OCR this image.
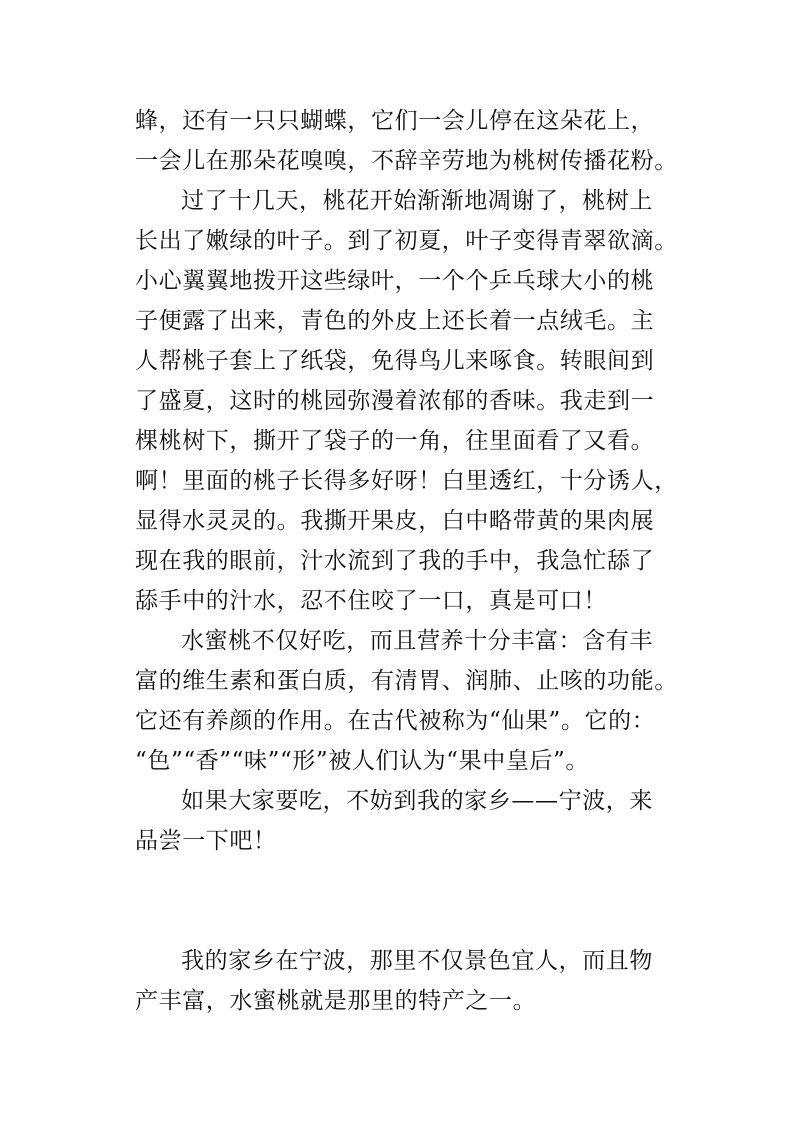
蜂，还有一只只蝴蝶，它们一会儿停在这朵花上，
一会儿在那朵花嗅嗅，不辞辛劳地为桃树传播花粉。
过了十几天，桃花开始渐渐地凋谢了，桃树上
长出了嫩绿的叶子。到了初夏，叶子变得青翠欲滴。
小心翼翼地拨开这些绿叶，一个个乒乓球大小的桃
子便露了出来，青色的外皮上还长着一点绒毛。主
人帮桃子套上了纸袋，免得鸟儿来啄食。转眼间到
了盛夏，这时的桃园弥漫着浓郁的香味。我走到一
棵桃树下，撕开了袋子的一角，往里面看了又看。
啊！里面的桃子长得多好呀！白里透红，十分诱人，
显得水灵灵的。我撕开果皮，白中略带黄的果肉展
现在我的眼前，汁水流到了我的手中，我急忙舔了
舔手中的汁水，忍不住咬了一口，真是可口！
水蜜桃不仅好吃，而且营养十分丰富：含有丰
富的维生素和蛋白质，有清胃、润肺、止咳的功能。
它还有养颜的作用。在古代被称为“仙果”。它的：
“色”“香”“味”“形”被人们认为“果中皇后”。
如果大家要吃，不妨到我的家乡——宁波，来
品尝一下吧！
我的家乡在宁波，那里不仅景色宜人，而且物
产丰富，水蜜桃就是那里的特产之一。
